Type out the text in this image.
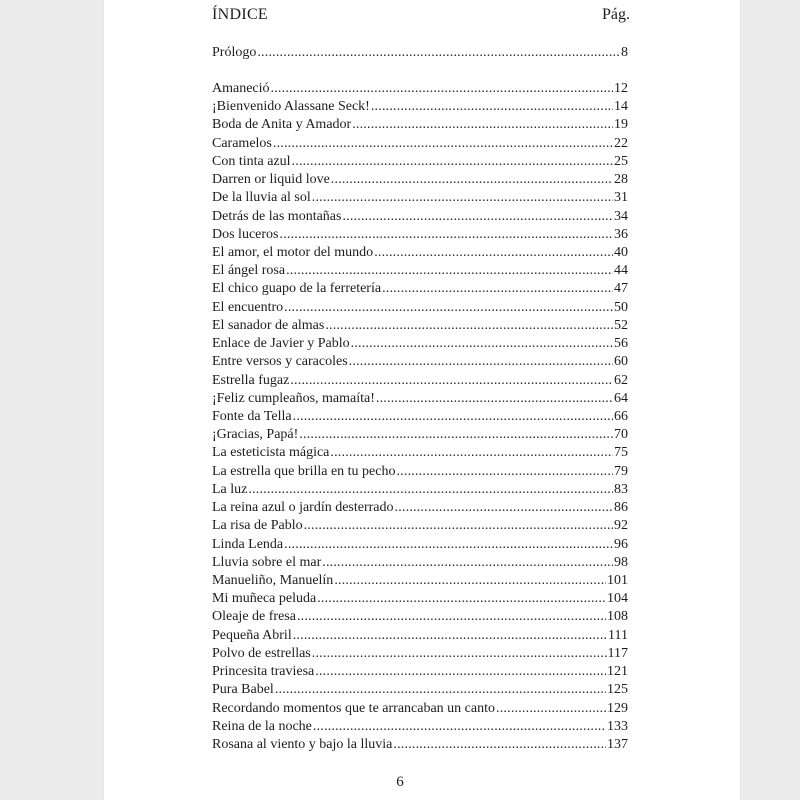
ÍNDICE	Pág.
Prólogo .....	8
Amaneció .....	12
¡Bienvenido Alassane Seck! .....	14
Boda de Anita y Amador .....	19
Caramelos .....	22
Con tinta azul .....	25
Darren or liquid love .....	28
De la lluvia al sol .....	31
Detrás de las montañas .....	34
Dos luceros .....	36
El amor, el motor del mundo .....	40
El ángel rosa .....	44
El chico guapo de la ferretería .....	47
El encuentro .....	50
El sanador de almas .....	52
Enlace de Javier y Pablo .....	56
Entre versos y caracoles .....	60
Estrella fugaz .....	62
¡Feliz cumpleaños, mamaíta! .....	64
Fonte da Tella .....	66
¡Gracias, Papá! .....	70
La esteticista mágica .....	75
La estrella que brilla en tu pecho .....	79
La luz .....	83
La reina azul o jardín desterrado .....	86
La risa de Pablo .....	92
Linda Lenda .....	96
Lluvia sobre el mar .....	98
Manueliño, Manuelín .....	101
Mi muñeca peluda .....	104
Oleaje de fresa .....	108
Pequeña Abril .....	111
Polvo de estrellas .....	117
Princesita traviesa .....	121
Pura Babel .....	125
Recordando momentos que te arrancaban un canto .....	129
Reina de la noche .....	133
Rosana al viento y bajo la lluvia .....	137
6
